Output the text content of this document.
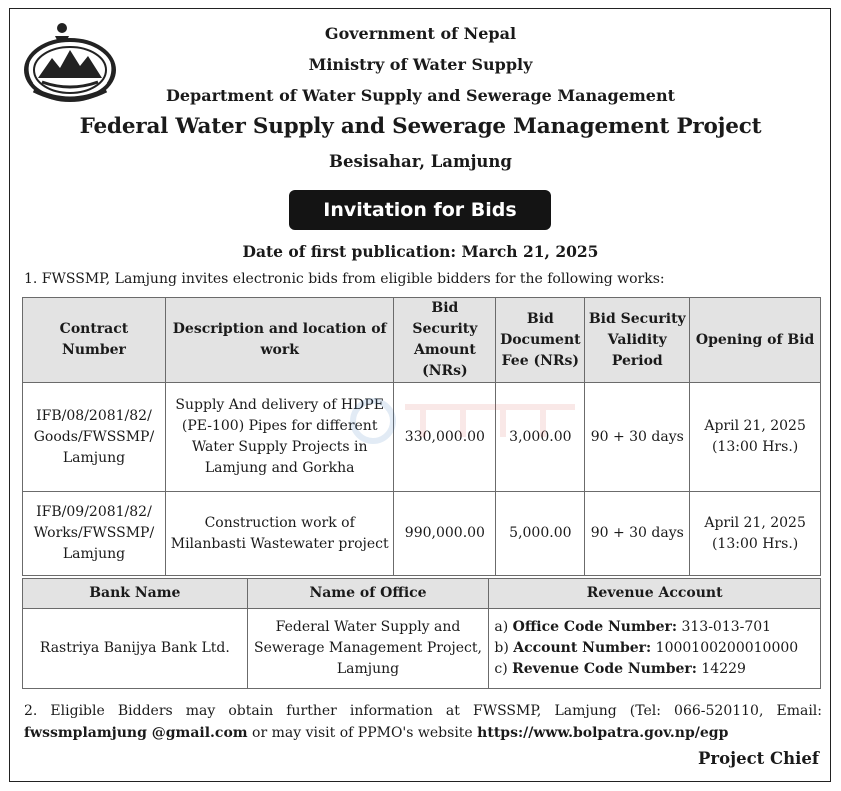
Government of Nepal
Ministry of Water Supply
Department of Water Supply and Sewerage Management
Federal Water Supply and Sewerage Management Project
Besisahar, Lamjung
Invitation for Bids
Date of first publication: March 21, 2025
1. FWSSMP, Lamjung invites electronic bids from eligible bidders for the following works:
Contract Number	Description and location of work	Bid Security Amount (NRs)	Bid Document Fee (NRs)	Bid Security Validity Period	Opening of Bid
IFB/08/2081/82/ Goods/FWSSMP/ Lamjung	Supply And delivery of HDPE (PE-100) Pipes for different Water Supply Projects in Lamjung and Gorkha	330,000.00	3,000.00	90 + 30 days	April 21, 2025 (13:00 Hrs.)
IFB/09/2081/82/ Works/FWSSMP/ Lamjung	Construction work of Milanbasti Wastewater project	990,000.00	5,000.00	90 + 30 days	April 21, 2025 (13:00 Hrs.)
Bank Name	Name of Office	Revenue Account
Rastriya Banijya Bank Ltd.	Federal Water Supply and Sewerage Management Project, Lamjung	a) Office Code Number: 313-013-701
b) Account Number: 1000100200010000
c) Revenue Code Number: 14229
2. Eligible Bidders may obtain further information at FWSSMP, Lamjung (Tel: 066-520110, Email:
fwssmplamjung @gmail.com or may visit of PPMO's website https://www.bolpatra.gov.np/egp
Project Chief
